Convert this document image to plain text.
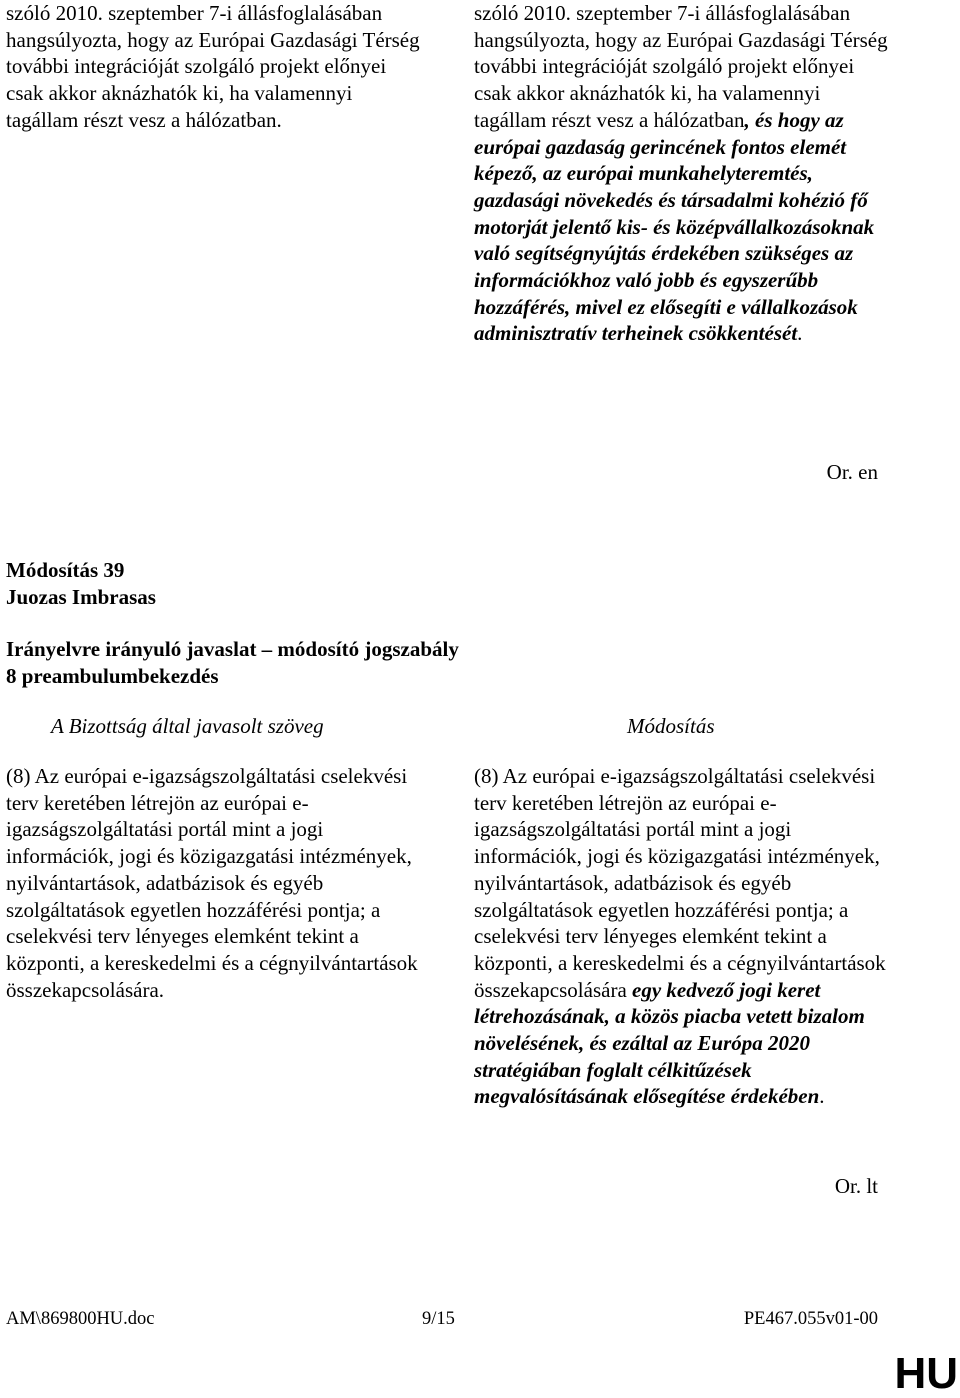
szóló 2010. szeptember 7-i állásfoglalásában hangsúlyozta, hogy az Európai Gazdasági Térség további integrációját szolgáló projekt előnyei csak akkor aknázhatók ki, ha valamennyi tagállam részt vesz a hálózatban.

szóló 2010. szeptember 7-i állásfoglalásában hangsúlyozta, hogy az Európai Gazdasági Térség további integrációját szolgáló projekt előnyei csak akkor aknázhatók ki, ha valamennyi tagállam részt vesz a hálózatban, és hogy az európai gazdaság gerincének fontos elemét képező, az európai munkahelyteremtés, gazdasági növekedés és társadalmi kohézió fő motorját jelentő kis- és középvállalkozásoknak való segítségnyújtás érdekében szükséges az információkhoz való jobb és egyszerűbb hozzáférés, mivel ez elősegíti e vállalkozások adminisztratív terheinek csökkentését.

Or. en

Módosítás 39

Juozas Imbrasas

Irányelvre irányuló javaslat – módosító jogszabály

8 preambulumbekezdés

A Bizottság által javasolt szöveg	Módosítás

(8) Az európai e-igazságszolgáltatási cselekvési terv keretében létrejön az európai e-igazságszolgáltatási portál mint a jogi információk, jogi és közigazgatási intézmények, nyilvántartások, adatbázisok és egyéb szolgáltatások egyetlen hozzáférési pontja; a cselekvési terv lényeges elemként tekint a központi, a kereskedelmi és a cégnyilvántartások összekapcsolására.

(8) Az európai e-igazságszolgáltatási cselekvési terv keretében létrejön az európai e-igazságszolgáltatási portál mint a jogi információk, jogi és közigazgatási intézmények, nyilvántartások, adatbázisok és egyéb szolgáltatások egyetlen hozzáférési pontja; a cselekvési terv lényeges elemként tekint a központi, a kereskedelmi és a cégnyilvántartások összekapcsolására egy kedvező jogi keret létrehozásának, a közös piacba vetett bizalom növelésének, és ezáltal az Európa 2020 stratégiában foglalt célkitűzések megvalósításának elősegítése érdekében.

Or. lt
AM\869800HU.doc	9/15	PE467.055v01-00
HU
